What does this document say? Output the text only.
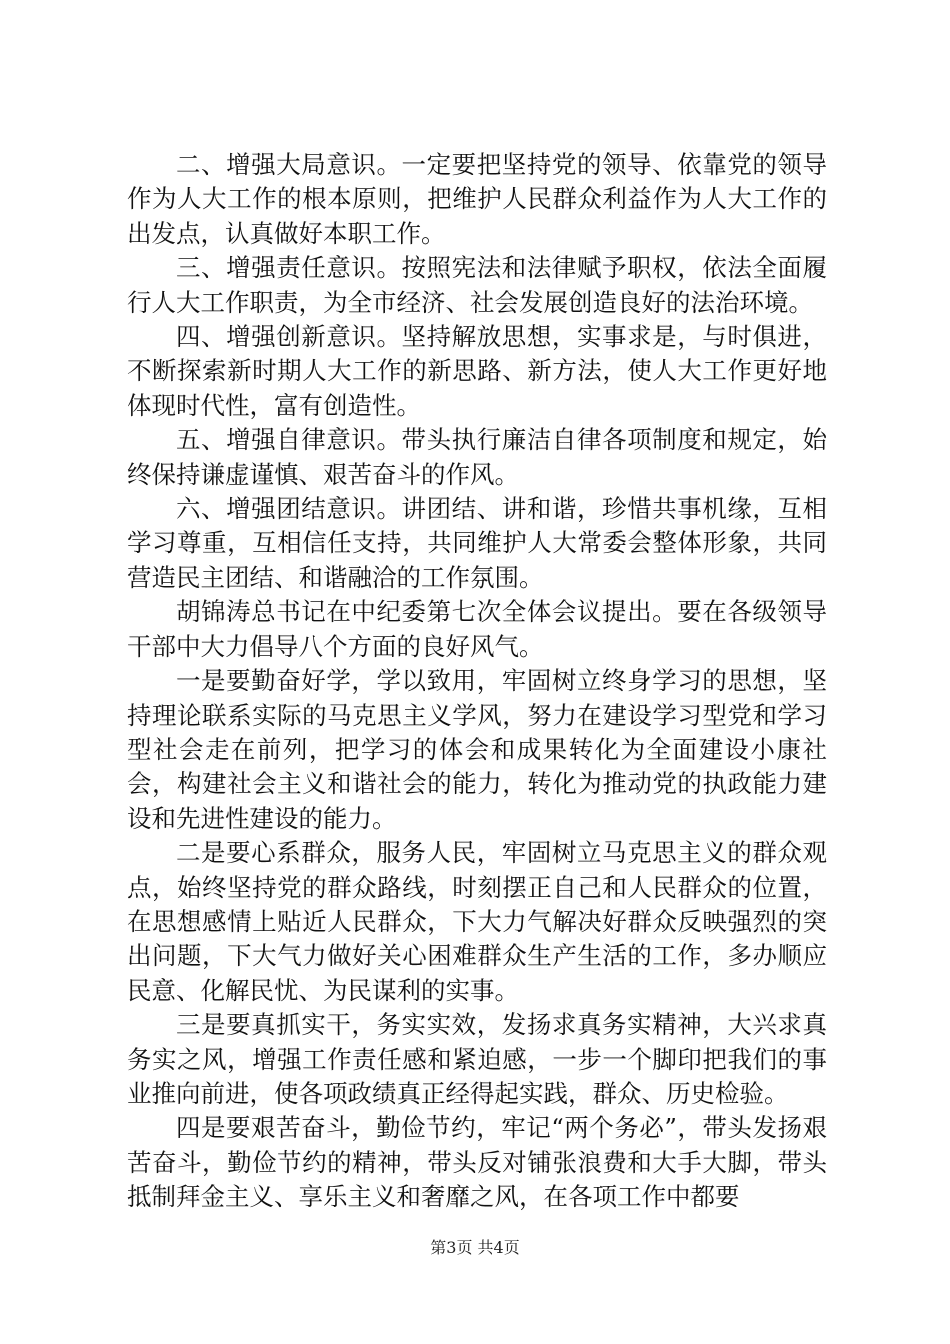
二、增强大局意识。一定要把坚持党的领导、依靠党的领导作为人大工作的根本原则，把维护人民群众利益作为人大工作的出发点，认真做好本职工作。

三、增强责任意识。按照宪法和法律赋予职权，依法全面履行人大工作职责，为全市经济、社会发展创造良好的法治环境。

四、增强创新意识。坚持解放思想，实事求是，与时俱进，不断探索新时期人大工作的新思路、新方法，使人大工作更好地体现时代性，富有创造性。

五、增强自律意识。带头执行廉洁自律各项制度和规定，始终保持谦虚谨慎、艰苦奋斗的作风。

六、增强团结意识。讲团结、讲和谐，珍惜共事机缘，互相学习尊重，互相信任支持，共同维护人大常委会整体形象，共同营造民主团结、和谐融洽的工作氛围。

胡锦涛总书记在中纪委第七次全体会议提出。要在各级领导干部中大力倡导八个方面的良好风气。

一是要勤奋好学，学以致用，牢固树立终身学习的思想，坚持理论联系实际的马克思主义学风，努力在建设学习型党和学习型社会走在前列，把学习的体会和成果转化为全面建设小康社会，构建社会主义和谐社会的能力，转化为推动党的执政能力建设和先进性建设的能力。

二是要心系群众，服务人民，牢固树立马克思主义的群众观点，始终坚持党的群众路线，时刻摆正自己和人民群众的位置，在思想感情上贴近人民群众，下大力气解决好群众反映强烈的突出问题，下大气力做好关心困难群众生产生活的工作，多办顺应民意、化解民忧、为民谋利的实事。

三是要真抓实干，务实实效，发扬求真务实精神，大兴求真务实之风，增强工作责任感和紧迫感，一步一个脚印把我们的事业推向前进，使各项政绩真正经得起实践，群众、历史检验。

四是要艰苦奋斗，勤俭节约，牢记“两个务必”，带头发扬艰苦奋斗，勤俭节约的精神，带头反对铺张浪费和大手大脚，带头抵制拜金主义、享乐主义和奢靡之风，在各项工作中都要

第3页 共4页
